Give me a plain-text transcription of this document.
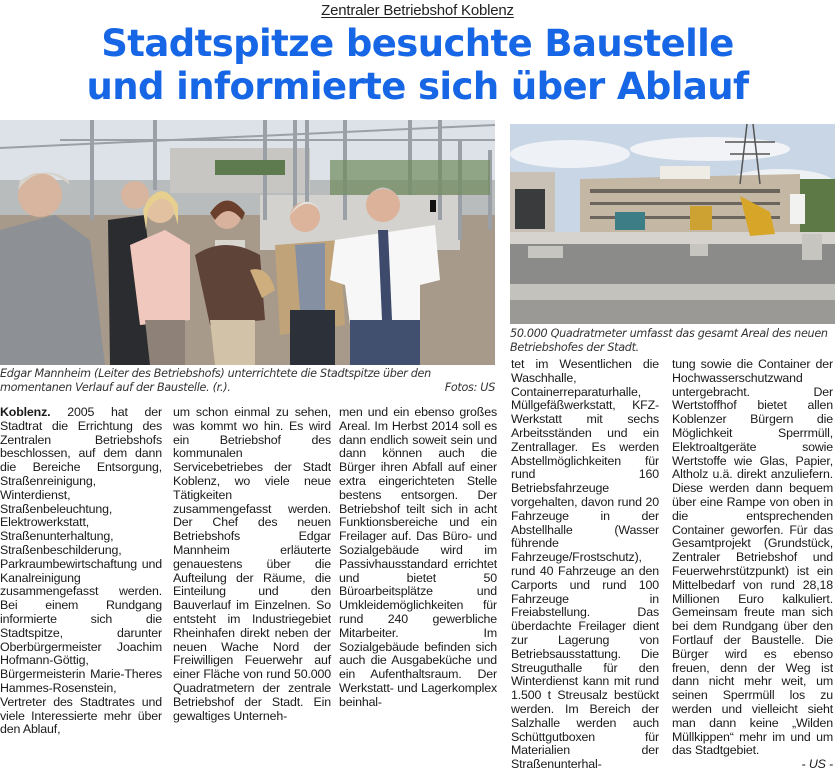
Zentraler Betriebshof Koblenz
Stadtspitze besuchte Baustelle
und informierte sich über Ablauf
Edgar Mannheim (Leiter des Betriebshofs) unterrichtete die Stadtspitze über den momentanen Verlauf auf der Baustelle. (r.).	Fotos: US
50.000 Quadratmeter umfasst das gesamt Areal des neuen Betriebshofes der Stadt.
Koblenz. 2005 hat der Stadtrat die Errichtung des Zentralen Betriebshofs beschlossen, auf dem dann die Bereiche Entsorgung, Straßenreinigung, Winterdienst, Straßenbeleuchtung, Elektrowerkstatt, Straßenunterhaltung, Straßenbeschilderung, Parkraumbewirtschaftung und Kanalreinigung zusammengefasst werden. Bei einem Rundgang informierte sich die Stadtspitze, darunter Oberbürgermeister Joachim Hofmann-Göttig, Bürgermeisterin Marie-Theres Hammes-Rosenstein, Vertreter des Stadtrates und viele Interessierte mehr über den Ablauf,
um schon einmal zu sehen, was kommt wo hin. Es wird ein Betriebshof des kommunalen Servicebetriebes der Stadt Koblenz, wo viele neue Tätigkeiten zusammengefasst werden. Der Chef des neuen Betriebshofs Edgar Mannheim erläuterte genauestens über die Aufteilung der Räume, die Einteilung und den Bauverlauf im Einzelnen. So entsteht im Industriegebiet Rheinhafen direkt neben der neuen Wache Nord der Freiwilligen Feuerwehr auf einer Fläche von rund 50.000 Quadratmetern der zentrale Betriebshof der Stadt. Ein gewaltiges Unterneh-
men und ein ebenso großes Areal. Im Herbst 2014 soll es dann endlich soweit sein und dann können auch die Bürger ihren Abfall auf einer extra eingerichteten Stelle bestens entsorgen. Der Betriebshof teilt sich in acht Funktionsbereiche und ein Freilager auf. Das Büro- und Sozialgebäude wird im Passivhausstandard errichtet und bietet 50 Büroarbeitsplätze und Umkleidemöglichkeiten für rund 240 gewerbliche Mitarbeiter. Im Sozialgebäude befinden sich auch die Ausgabeküche und ein Aufenthaltsraum. Der Werkstatt- und Lagerkomplex beinhal-
tet im Wesentlichen die Waschhalle, Containerreparaturhalle, Müllgefäßwerkstatt, KFZ-Werkstatt mit sechs Arbeitsständen und ein Zentrallager. Es werden Abstellmöglichkeiten für rund 160 Betriebsfahrzeuge vorgehalten, davon rund 20 Fahrzeuge in der Abstellhalle (Wasser führende Fahrzeuge/Frostschutz), rund 40 Fahrzeuge an den Carports und rund 100 Fahrzeuge in Freiabstellung. Das überdachte Freilager dient zur Lagerung von Betriebsausstattung. Die Streuguthalle für den Winterdienst kann mit rund 1.500 t Streusalz bestückt werden. Im Bereich der Salzhalle werden auch Schüttgutboxen für Materialien der Straßenunterhal-
tung sowie die Container der Hochwasserschutzwand untergebracht. Der Wertstoffhof bietet allen Koblenzer Bürgern die Möglichkeit Sperrmüll, Elektroaltgeräte sowie Wertstoffe wie Glas, Papier, Altholz u.ä. direkt anzuliefern. Diese werden dann bequem über eine Rampe von oben in die entsprechenden Container geworfen. Für das Gesamtprojekt (Grundstück, Zentraler Betriebshof und Feuerwehrstützpunkt) ist ein Mittelbedarf von rund 28,18 Millionen Euro kalkuliert. Gemeinsam freute man sich bei dem Rundgang über den Fortlauf der Baustelle. Die Bürger wird es ebenso freuen, denn der Weg ist dann nicht mehr weit, um seinen Sperrmüll los zu werden und vielleicht sieht man dann keine „Wilden Müllkippen“ mehr im und um das Stadtgebiet.
- US -
